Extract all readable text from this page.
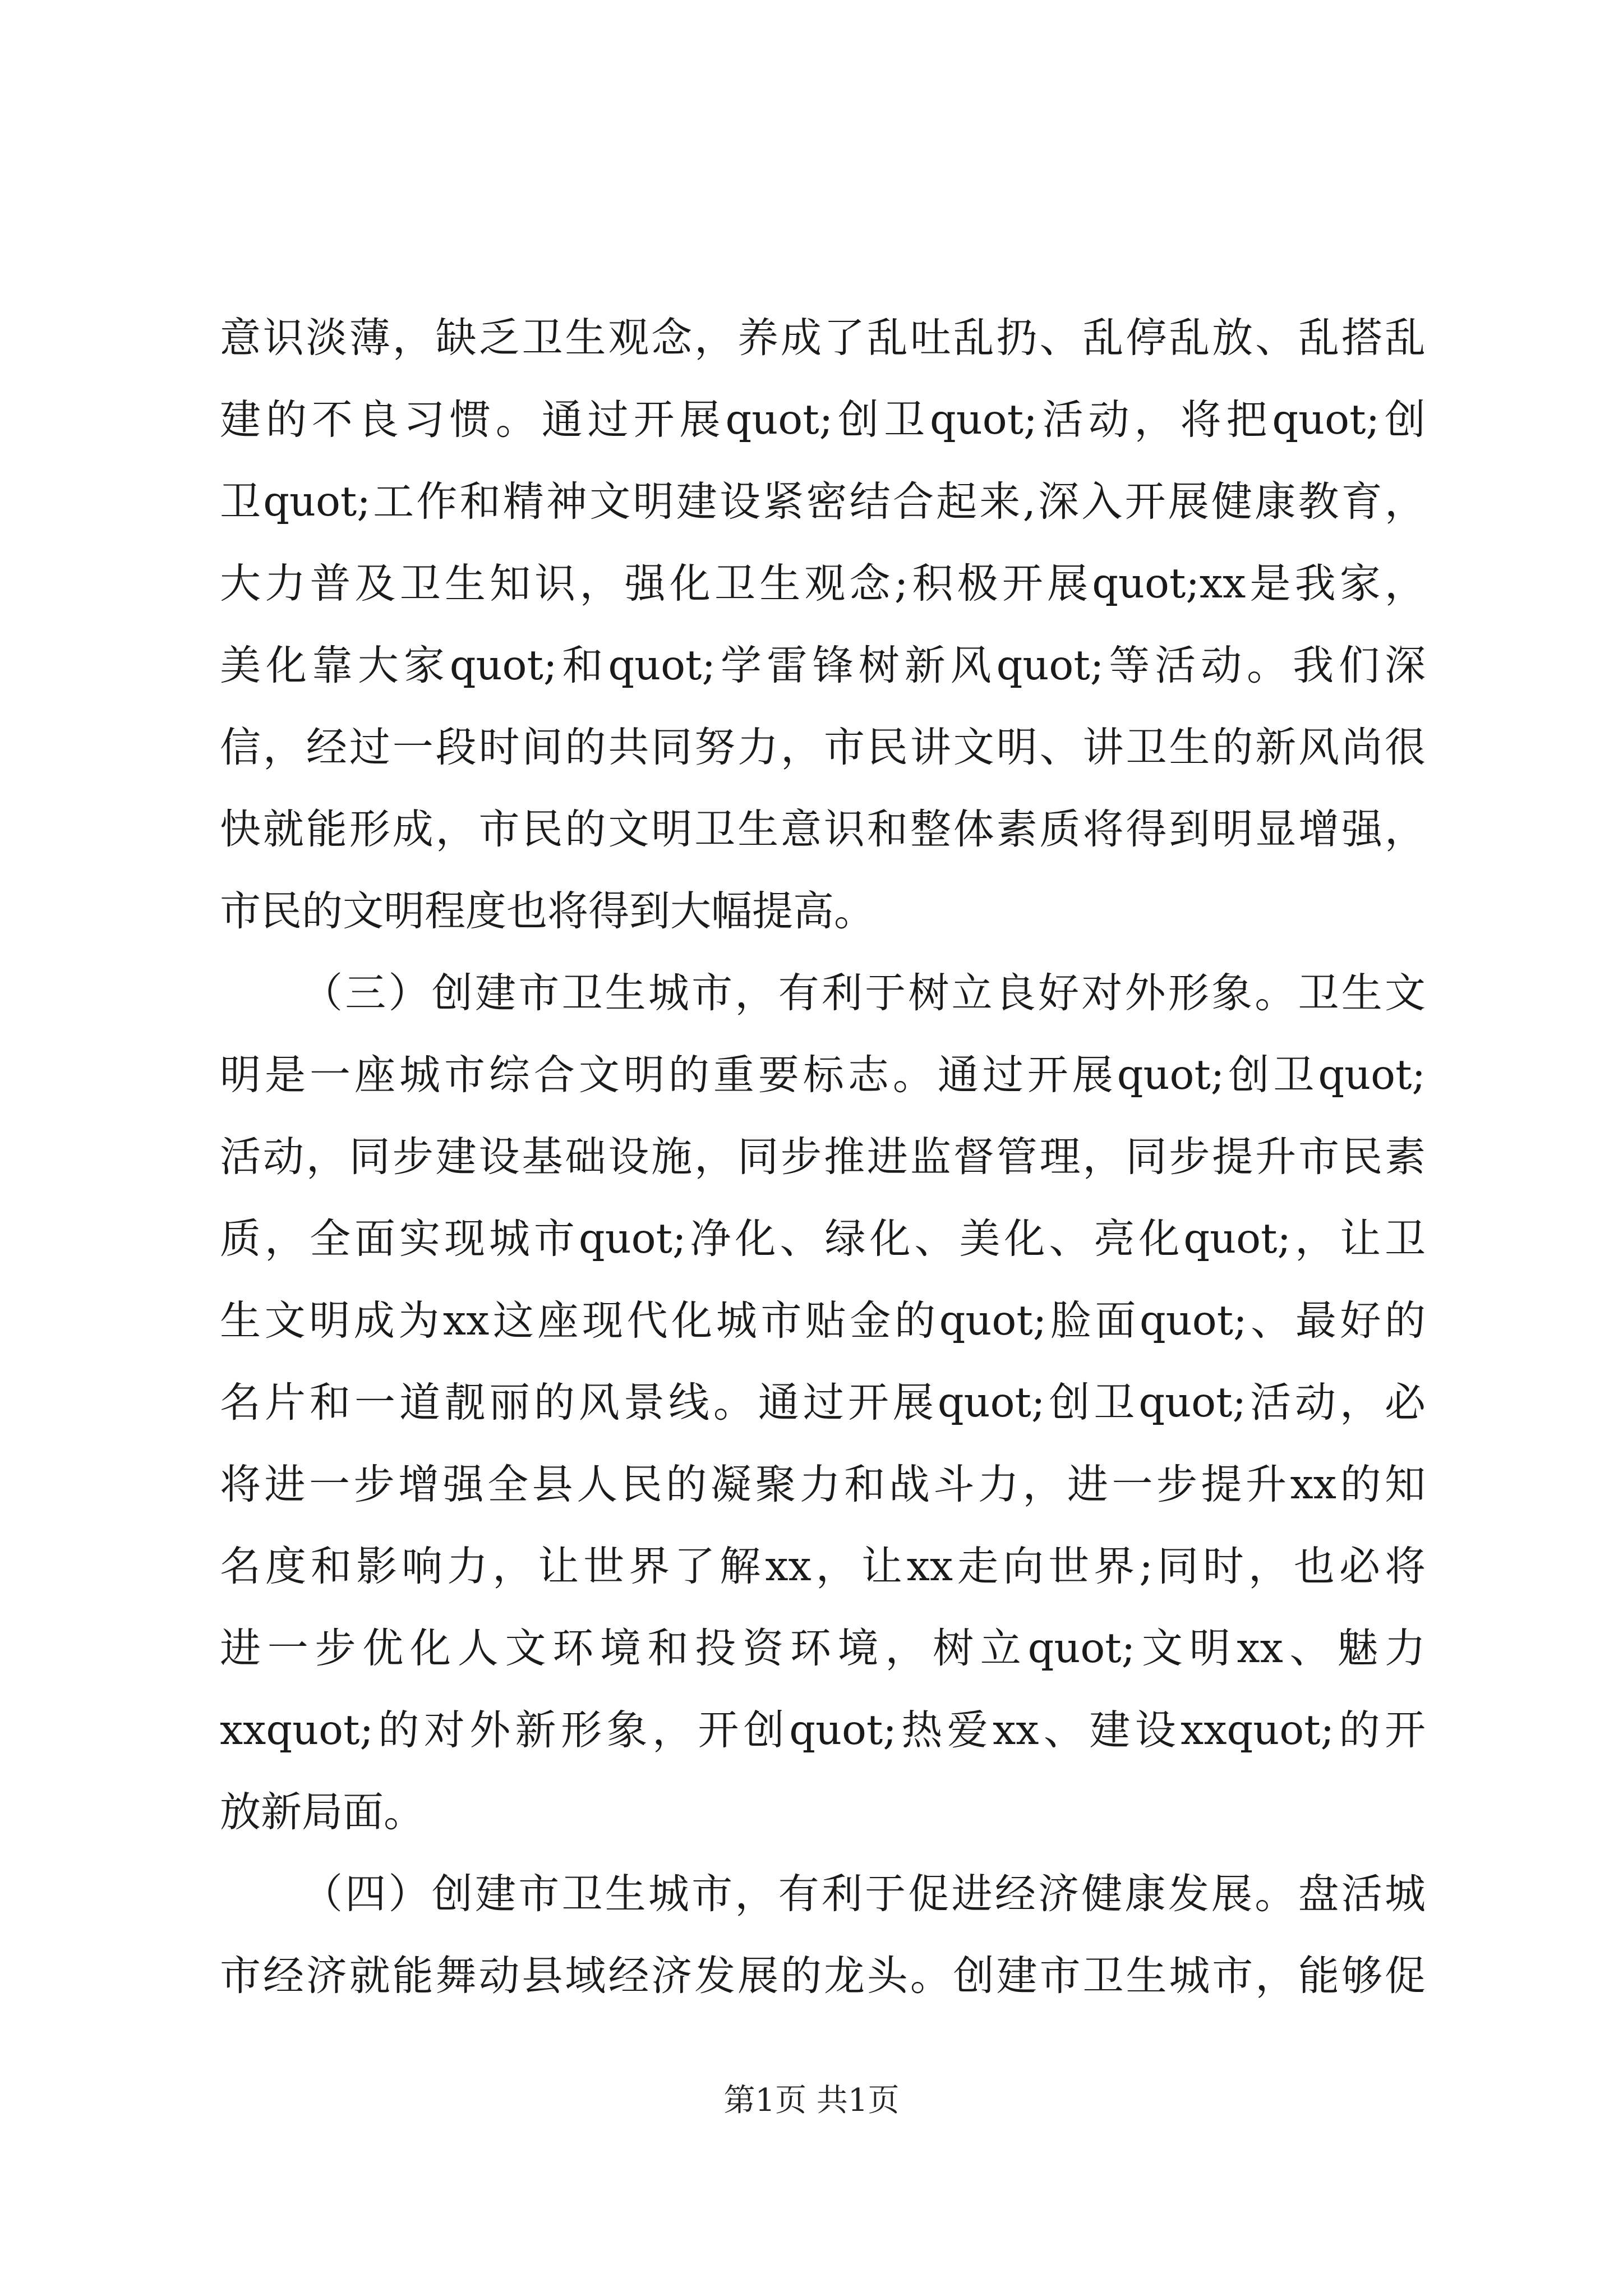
意识淡薄，缺乏卫生观念，养成了乱吐乱扔、乱停乱放、乱搭乱
建的不良习惯。通过开展quot;创卫quot;活动，将把quot;创
卫quot;工作和精神文明建设紧密结合起来,深入开展健康教育，
大力普及卫生知识，强化卫生观念;积极开展quot;xx是我家，
美化靠大家quot;和quot;学雷锋树新风quot;等活动。我们深
信，经过一段时间的共同努力，市民讲文明、讲卫生的新风尚很
快就能形成，市民的文明卫生意识和整体素质将得到明显增强，
市民的文明程度也将得到大幅提高。
（三）创建市卫生城市，有利于树立良好对外形象。卫生文
明是一座城市综合文明的重要标志。通过开展quot;创卫quot;
活动，同步建设基础设施，同步推进监督管理，同步提升市民素
质，全面实现城市quot;净化、绿化、美化、亮化quot;，让卫
生文明成为xx这座现代化城市贴金的quot;脸面quot;、最好的
名片和一道靓丽的风景线。通过开展quot;创卫quot;活动，必
将进一步增强全县人民的凝聚力和战斗力，进一步提升xx的知
名度和影响力，让世界了解xx，让xx走向世界;同时，也必将
进一步优化人文环境和投资环境，树立quot;文明xx、魅力
xxquot;的对外新形象，开创quot;热爱xx、建设xxquot;的开
放新局面。
（四）创建市卫生城市，有利于促进经济健康发展。盘活城
市经济就能舞动县域经济发展的龙头。创建市卫生城市，能够促
第1页 共1页
